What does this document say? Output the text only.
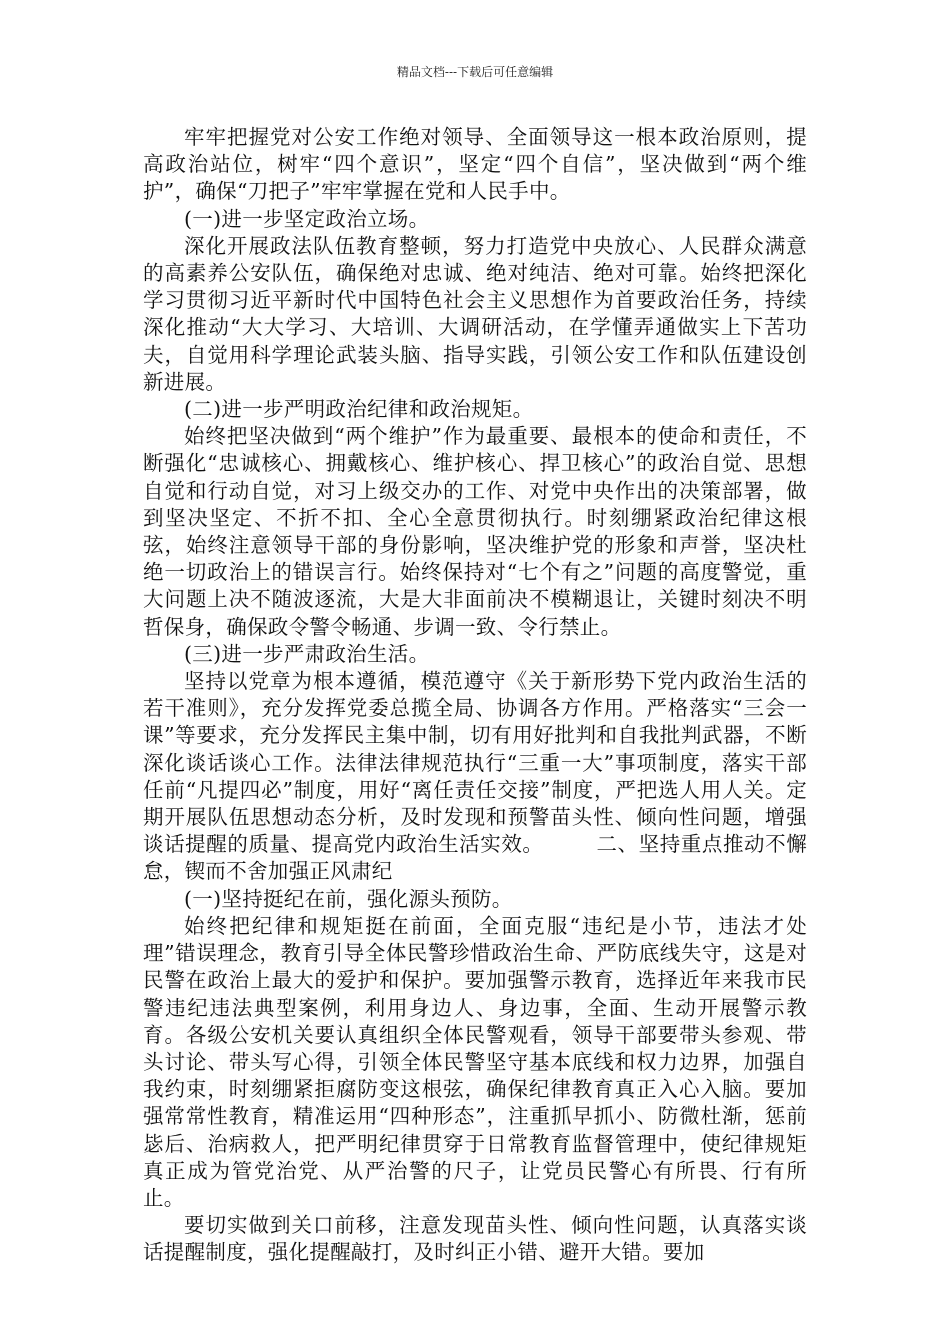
精品文档---下载后可任意编辑

牢牢把握党对公安工作绝对领导、全面领导这一根本政治原则，提高政治站位，树牢“四个意识”，坚定“四个自信”，坚决做到“两个维护”，确保“刀把子”牢牢掌握在党和人民手中。

(一)进一步坚定政治立场。

深化开展政法队伍教育整顿，努力打造党中央放心、人民群众满意的高素养公安队伍，确保绝对忠诚、绝对纯洁、绝对可靠。始终把深化学习贯彻习近平新时代中国特色社会主义思想作为首要政治任务，持续深化推动“大大学习、大培训、大调研活动，在学懂弄通做实上下苦功夫，自觉用科学理论武装头脑、指导实践，引领公安工作和队伍建设创新进展。

(二)进一步严明政治纪律和政治规矩。

始终把坚决做到“两个维护”作为最重要、最根本的使命和责任，不断强化“忠诚核心、拥戴核心、维护核心、捍卫核心”的政治自觉、思想自觉和行动自觉，对习上级交办的工作、对党中央作出的决策部署，做到坚决坚定、不折不扣、全心全意贯彻执行。时刻绷紧政治纪律这根弦，始终注意领导干部的身份影响，坚决维护党的形象和声誉，坚决杜绝一切政治上的错误言行。始终保持对“七个有之”问题的高度警觉，重大问题上决不随波逐流，大是大非面前决不模糊退让，关键时刻决不明哲保身，确保政令警令畅通、步调一致、令行禁止。

(三)进一步严肃政治生活。

坚持以党章为根本遵循，模范遵守《关于新形势下党内政治生活的若干准则》，充分发挥党委总揽全局、协调各方作用。严格落实“三会一课”等要求，充分发挥民主集中制，切有用好批判和自我批判武器，不断深化谈话谈心工作。法律法律规范执行“三重一大”事项制度，落实干部任前“凡提四必”制度，用好“离任责任交接”制度，严把选人用人关。定期开展队伍思想动态分析，及时发现和预警苗头性、倾向性问题，增强谈话提醒的质量、提高党内政治生活实效。　　　二、坚持重点推动不懈怠，锲而不舍加强正风肃纪

(一)坚持挺纪在前，强化源头预防。

始终把纪律和规矩挺在前面，全面克服“违纪是小节，违法才处理”错误理念，教育引导全体民警珍惜政治生命、严防底线失守，这是对民警在政治上最大的爱护和保护。要加强警示教育，选择近年来我市民警违纪违法典型案例，利用身边人、身边事，全面、生动开展警示教育。各级公安机关要认真组织全体民警观看，领导干部要带头参观、带头讨论、带头写心得，引领全体民警坚守基本底线和权力边界，加强自我约束，时刻绷紧拒腐防变这根弦，确保纪律教育真正入心入脑。要加强常常性教育，精准运用“四种形态”，注重抓早抓小、防微杜渐，惩前毖后、治病救人，把严明纪律贯穿于日常教育监督管理中，使纪律规矩真正成为管党治党、从严治警的尺子，让党员民警心有所畏、行有所止。

要切实做到关口前移，注意发现苗头性、倾向性问题，认真落实谈话提醒制度，强化提醒敲打，及时纠正小错、避开大错。要加
